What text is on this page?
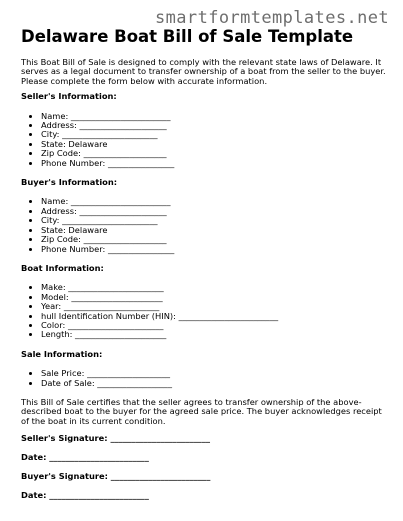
smartformtemplates.net
Delaware Boat Bill of Sale Template

This Boat Bill of Sale is designed to comply with the relevant state laws of Delaware. It serves as a legal document to transfer ownership of a boat from the seller to the buyer. Please complete the form below with accurate information.

Seller's Information:
• Name: ________________________
• Address: _____________________
• City: _______________________
• State: Delaware
• Zip Code: ____________________
• Phone Number: ________________
Buyer's Information:
• Name: ________________________
• Address: _____________________
• City: _______________________
• State: Delaware
• Zip Code: ____________________
• Phone Number: ________________
Boat Information:
• Make: _______________________
• Model: ______________________
• Year: _______________________
• hull Identification Number (HIN): ________________________
• Color: _______________________
• Length: ______________________
Sale Information:
• Sale Price: ____________________
• Date of Sale: __________________

This Bill of Sale certifies that the seller agrees to transfer ownership of the above-described boat to the buyer for the agreed sale price. The buyer acknowledges receipt of the boat in its current condition.

Seller's Signature: ________________________
Date: ________________________
Buyer's Signature: ________________________
Date: ________________________
